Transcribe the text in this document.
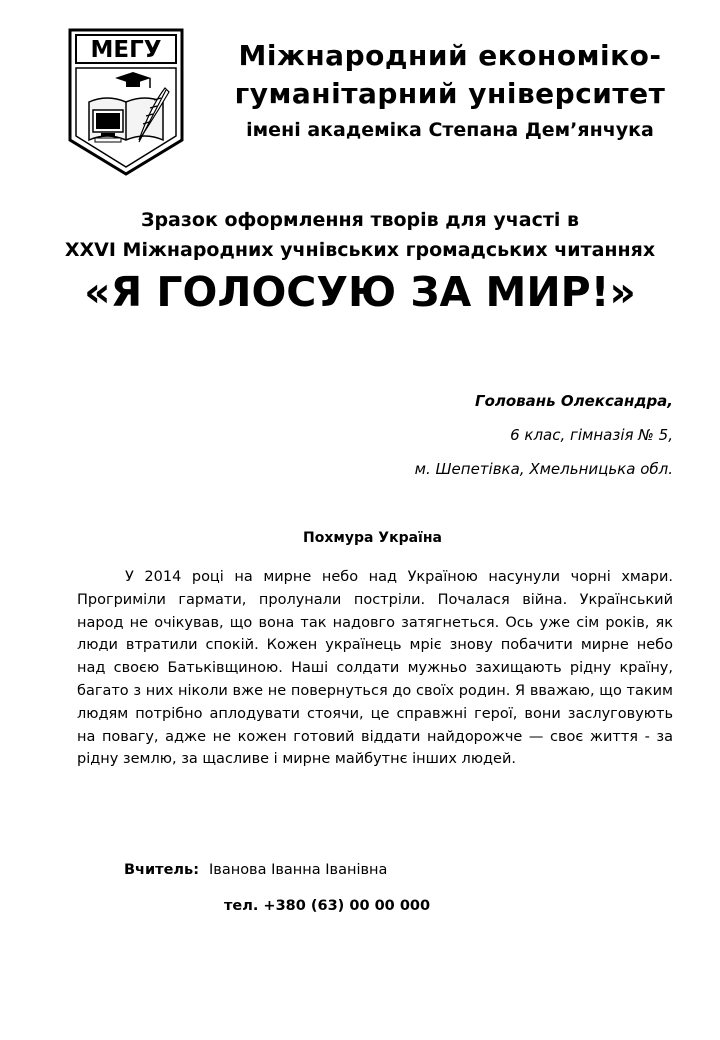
МЕГУ	Міжнародний економіко-
гуманітарний університет
імені академіка Степана Дем’янчука
Зразок оформлення творів для участі в
XXVI Міжнародних учнівських громадських читаннях
«Я ГОЛОСУЮ ЗА МИР!»
Головань Олександра,
6 клас, гімназія № 5,
м. Шепетівка, Хмельницька обл.
Похмура Україна
У 2014 році на мирне небо над Україною насунули чорні хмари. Прогриміли гармати, пролунали постріли. Почалася війна. Український народ не очікував, що вона так надовго затягнеться. Ось уже сім років, як люди втратили спокій. Кожен українець мріє знову побачити мирне небо над своєю Батьківщиною. Наші солдати мужньо захищають рідну країну, багато з них ніколи вже не повернуться до своїх родин. Я вважаю, що таким людям потрібно аплодувати стоячи, це справжні герої, вони заслуговують на повагу, адже не кожен готовий віддати найдорожче — своє життя - за рідну землю, за щасливе і мирне майбутнє інших людей.
Вчитель: Іванова Іванна Іванівна
тел. +380 (63) 00 00 000
